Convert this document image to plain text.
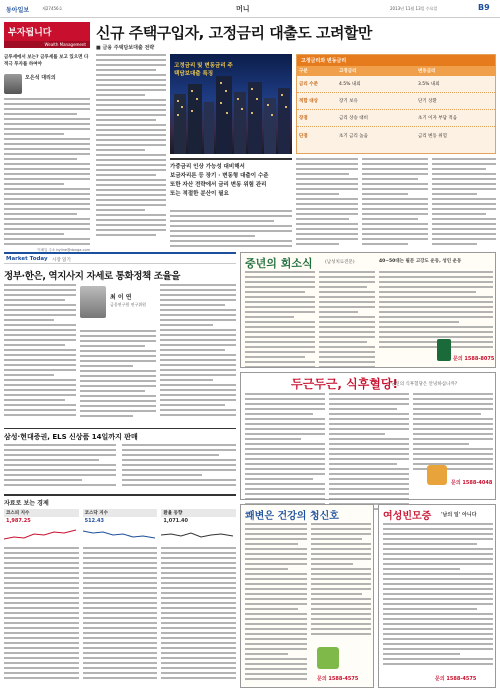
동아일보	제27456호	머니	2013년 11월 13일 수요일	B9
부자됩니다
Wealth Management
금투세에서 보는? 금투세를 보고 있으면 다 적극 투자를 하여야
오은석 대리의
이메일 주소 byline@donga.com
신규 주택구입자, 고정금리 대출도 고려할만
■ 금융 주택담보대출 전략
고정금리 및 변동금리 주택담보대출 특징
고정금리와 변동금리
구분	고정금리	변동금리
금리 수준	4.5% 내외	3.5% 내외
적합 대상	장기 보유	단기 상환
장점	금리 상승 대비	초기 이자 부담 적음
단점	초기 금리 높음	금리 변동 위험
가중금리 인상 가능성 대비해서
보금자리론 등 장기 · 변동형 대출이 수준
또한 자산 전략에서 금리 변동 위험 관리
또는 적절한 분산이 필요
Market Today 시장 읽기
정부·한은, 역지사지 자세로 통화정책 조율을
최 이 연
금융연구원 연구위원
삼성·현대증권, ELS 신상품 14일까지 판매
자료로 보는 경제
코스피 지수
1,987.25
코스닥 지수
512.43
환율 동향
1,071.40
중년의 회소식	(남성치료전문)	40~50대는 필문 고강도 운동, 성인 운동
문의 1588-8075
두근두근, 식후혈당!
당신의 식후혈당은 안녕하십니까?
문의 1588-4048
쾌변은 건강의 청신호
문의 1588-4575
여성빈모증 '남의 일' 아니다
문의 1588-4575
